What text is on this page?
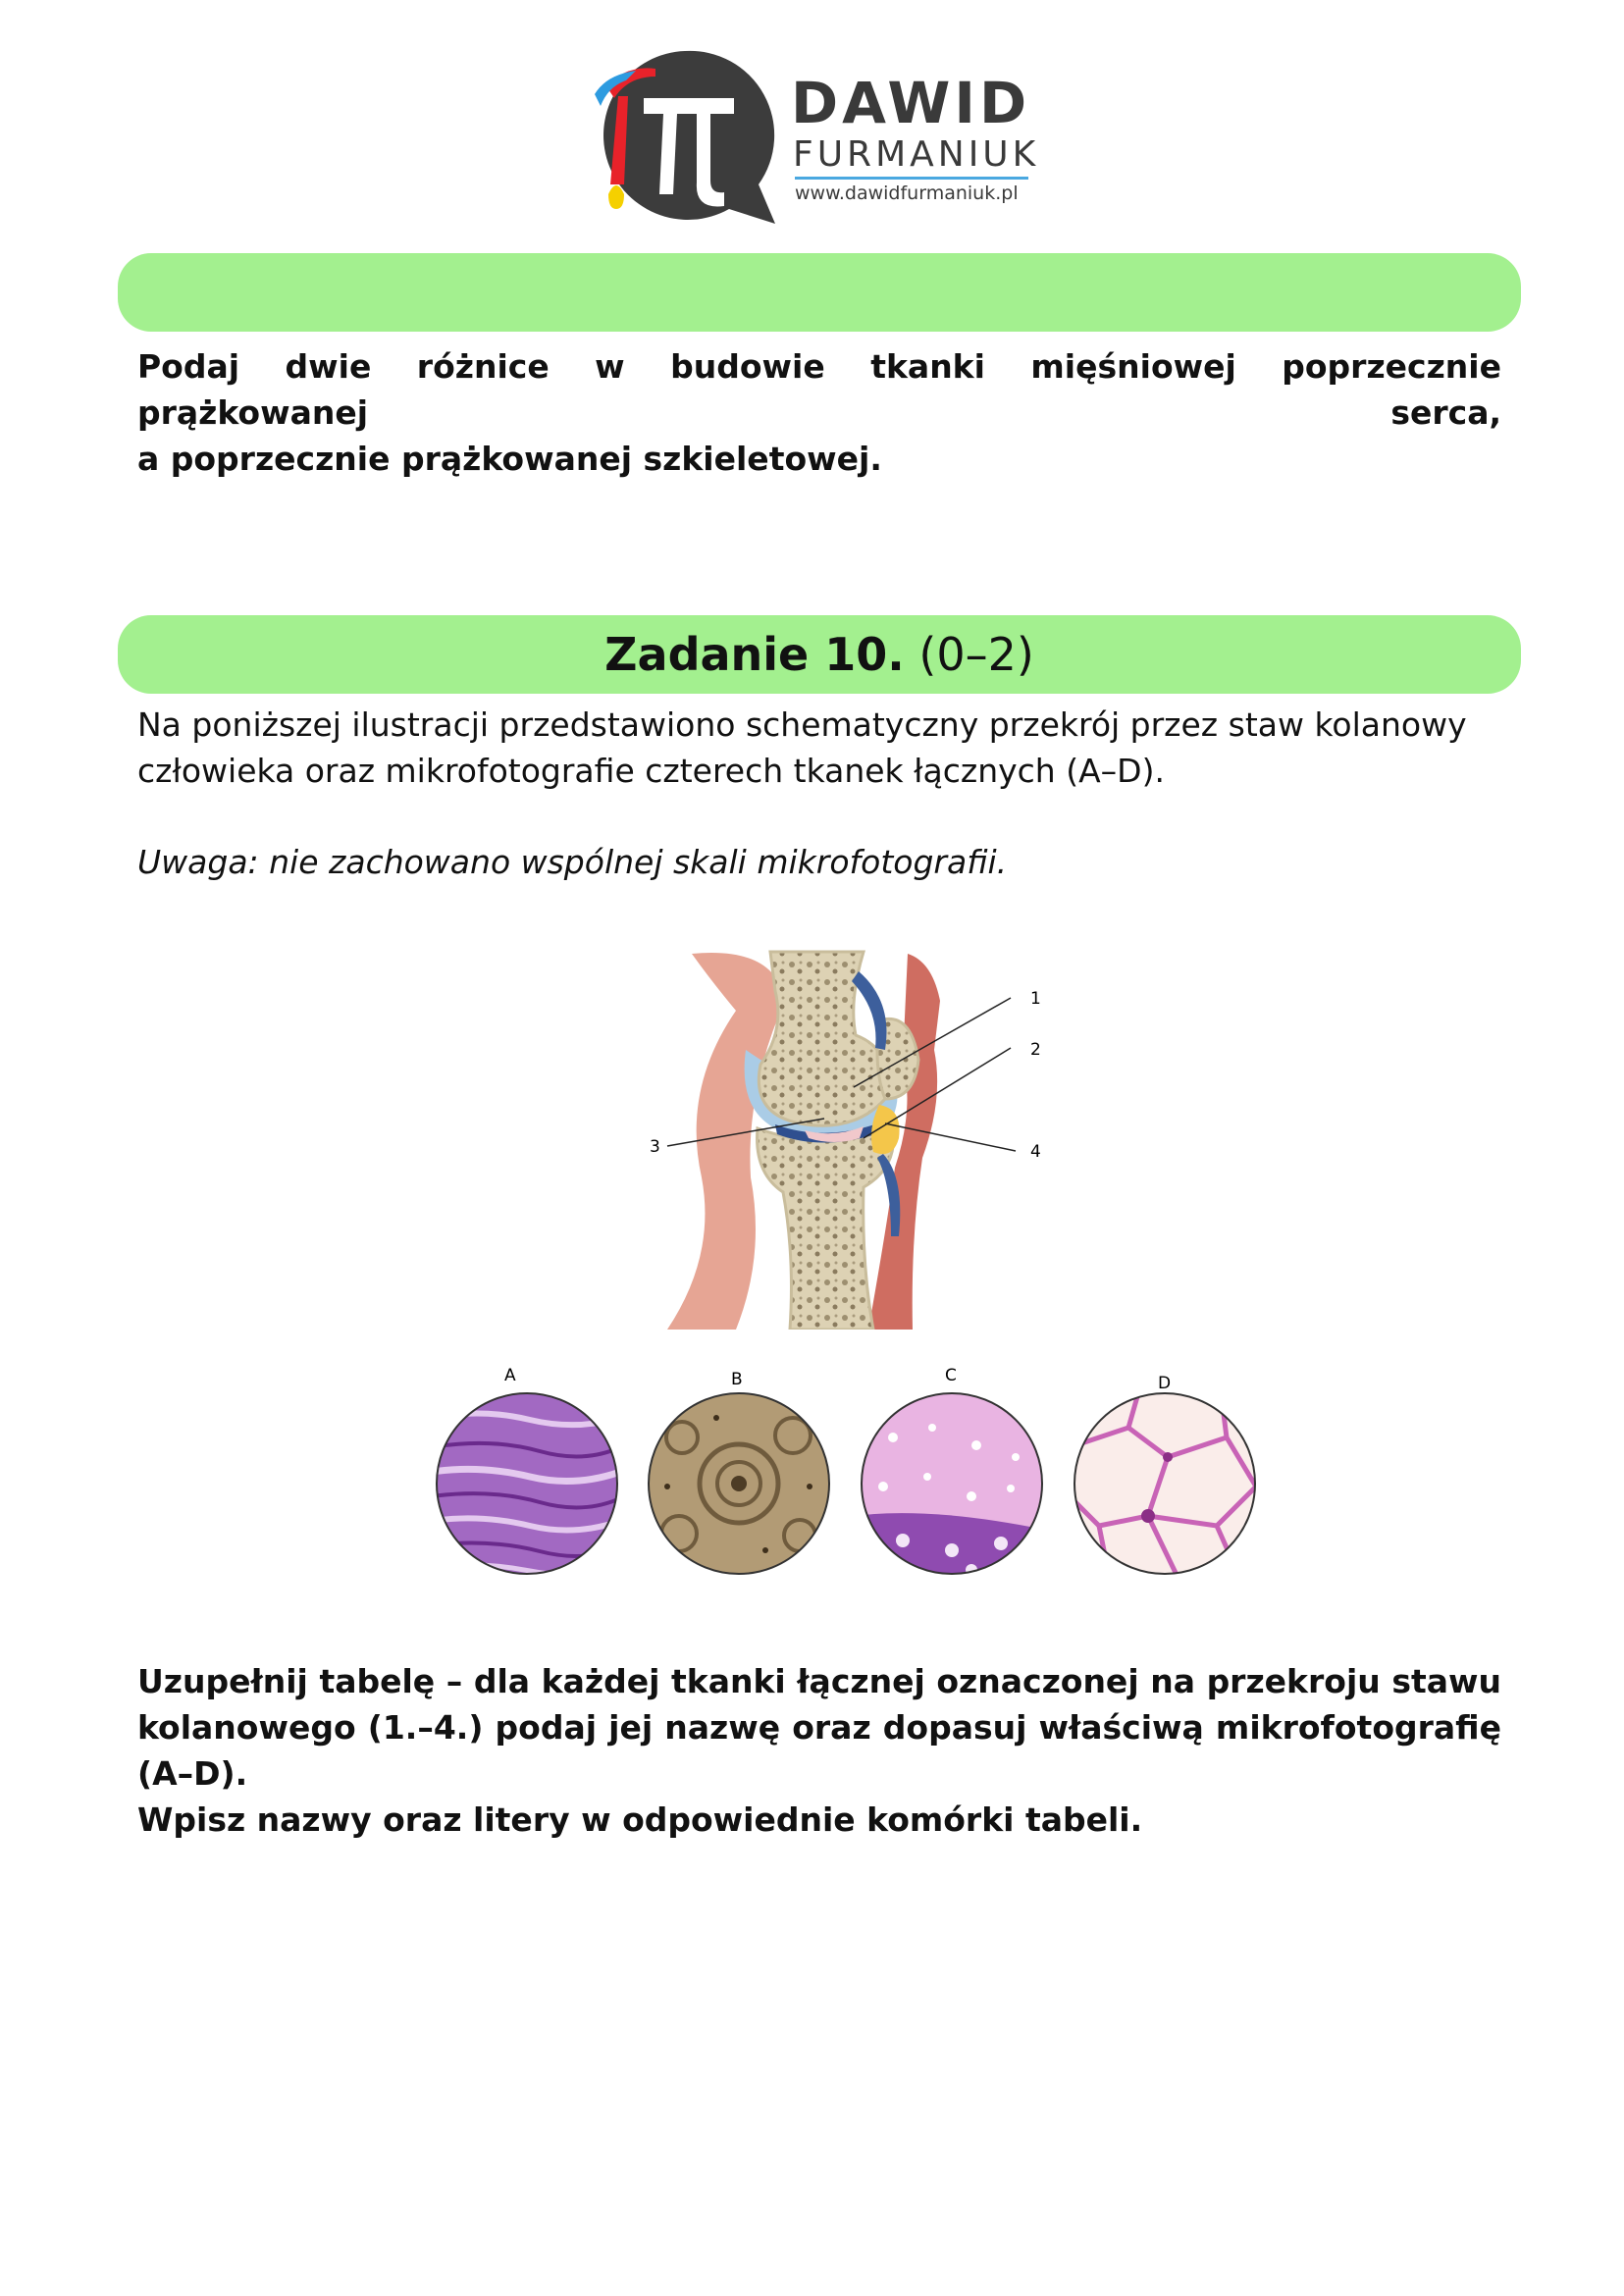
DAWID
FURMANIUK
www.dawidfurmaniuk.pl

Podaj dwie różnice w budowie tkanki mięśniowej poprzecznie prążkowanej serca,
a poprzecznie prążkowanej szkieletowej.

Zadanie 10. (0–2)

Na poniższej ilustracji przedstawiono schematyczny przekrój przez staw kolanowy
człowieka oraz mikrofotografie czterech tkanek łącznych (A–D).

Uwaga: nie zachowano wspólnej skali mikrofotografii.

1
2
3	4
A	B	C	D

Uzupełnij tabelę – dla każdej tkanki łącznej oznaczonej na przekroju stawu
kolanowego (1.–4.) podaj jej nazwę oraz dopasuj właściwą mikrofotografię (A–D).
Wpisz nazwy oraz litery w odpowiednie komórki tabeli.
